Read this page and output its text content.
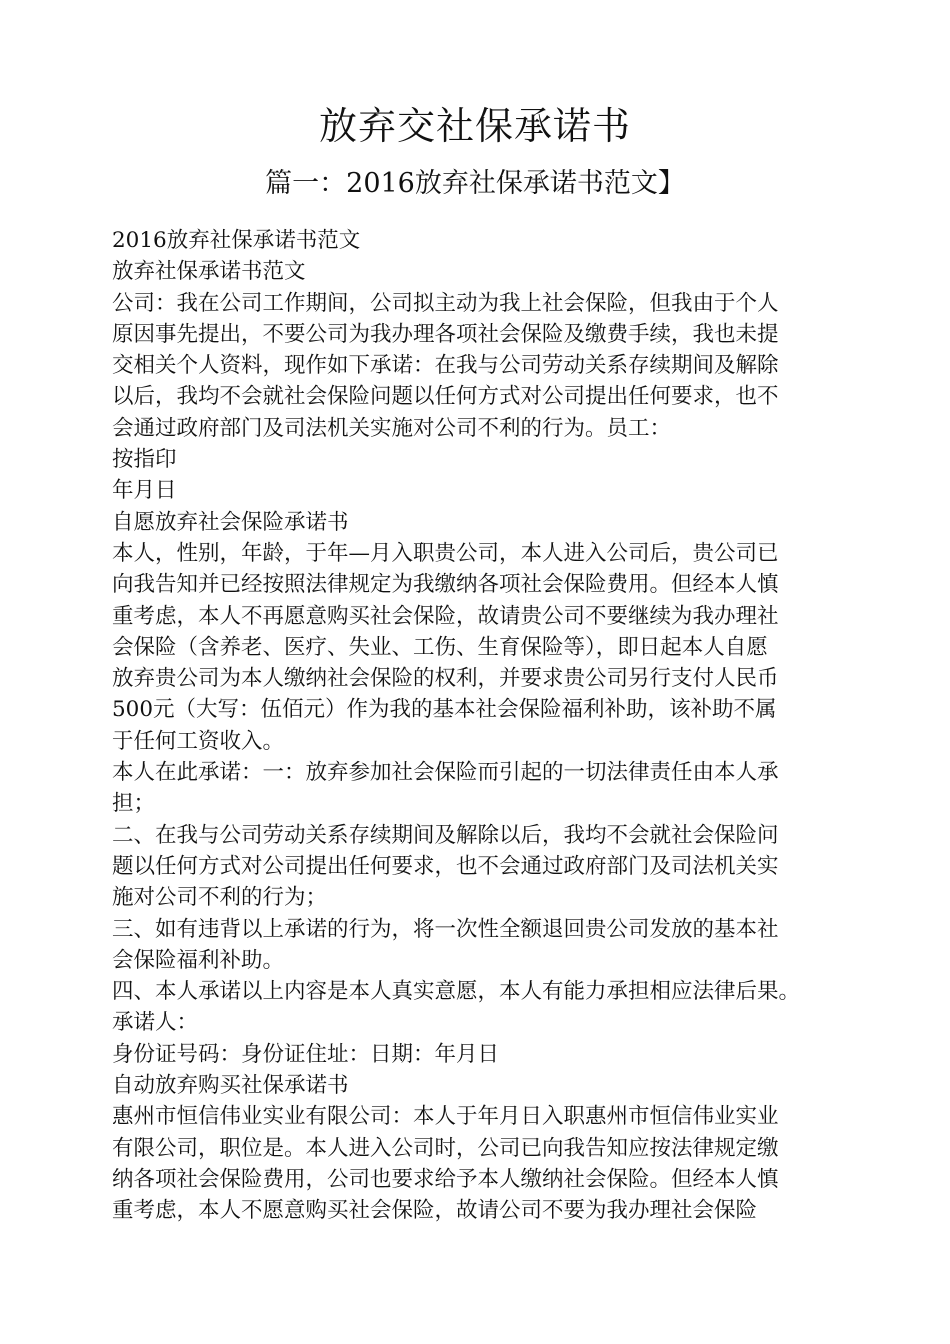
放弃交社保承诺书
篇一：2016放弃社保承诺书范文】
2016放弃社保承诺书范文
放弃社保承诺书范文
公司：我在公司工作期间，公司拟主动为我上社会保险，但我由于个人
原因事先提出，不要公司为我办理各项社会保险及缴费手续，我也未提
交相关个人资料，现作如下承诺：在我与公司劳动关系存续期间及解除
以后，我均不会就社会保险问题以任何方式对公司提出任何要求，也不
会通过政府部门及司法机关实施对公司不利的行为。员工：
按指印
年月日
自愿放弃社会保险承诺书
本人，性别，年龄，于年—月入职贵公司，本人进入公司后，贵公司已
向我告知并已经按照法律规定为我缴纳各项社会保险费用。但经本人慎
重考虑，本人不再愿意购买社会保险，故请贵公司不要继续为我办理社
会保险（含养老、医疗、失业、工伤、生育保险等），即日起本人自愿
放弃贵公司为本人缴纳社会保险的权利，并要求贵公司另行支付人民币
500元（大写：伍佰元）作为我的基本社会保险福利补助，该补助不属
于任何工资收入。
本人在此承诺：一：放弃参加社会保险而引起的一切法律责任由本人承
担；
二、在我与公司劳动关系存续期间及解除以后，我均不会就社会保险问
题以任何方式对公司提出任何要求，也不会通过政府部门及司法机关实
施对公司不利的行为；
三、如有违背以上承诺的行为，将一次性全额退回贵公司发放的基本社
会保险福利补助。
四、本人承诺以上内容是本人真实意愿，本人有能力承担相应法律后果。
承诺人：
身份证号码：身份证住址：日期：年月日
自动放弃购买社保承诺书
惠州市恒信伟业实业有限公司：本人于年月日入职惠州市恒信伟业实业
有限公司，职位是。本人进入公司时，公司已向我告知应按法律规定缴
纳各项社会保险费用，公司也要求给予本人缴纳社会保险。但经本人慎
重考虑，本人不愿意购买社会保险，故请公司不要为我办理社会保险
